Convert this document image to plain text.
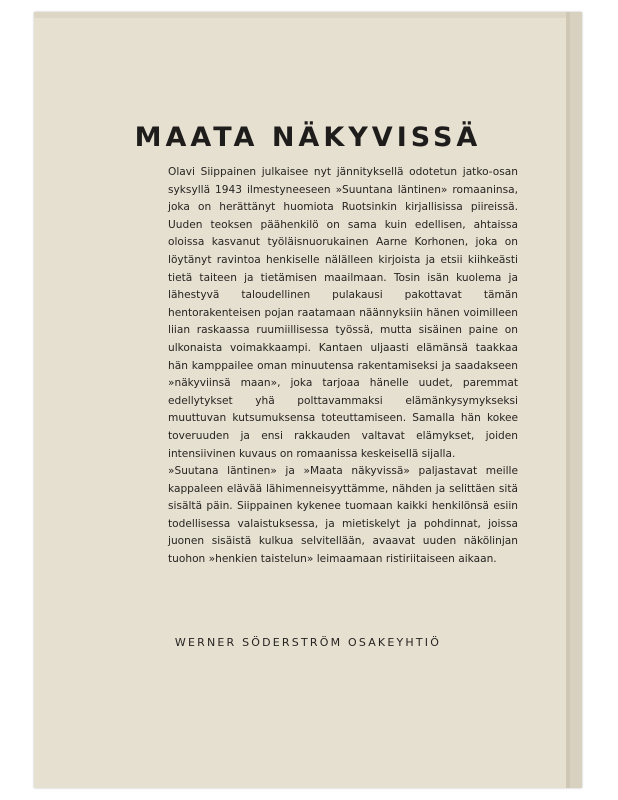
MAATA NÄKYVISSÄ

Olavi Siippainen julkaisee nyt jännityksellä odotetun jatko-osan syksyllä 1943 ilmestyneeseen »Suuntana läntinen» romaaninsa, joka on herättänyt huomiota Ruotsinkin kirjallisissa piireissä. Uuden teoksen päähenkilö on sama kuin edellisen, ahtaissa oloissa kasvanut työläisnuorukainen Aarne Korhonen, joka on löytänyt ravintoa henkiselle nälälleen kirjoista ja etsii kiihkeästi tietä taiteen ja tietämisen maailmaan. Tosin isän kuolema ja lähestyvä taloudellinen pulakausi pakottavat tämän hentorakenteisen pojan raatamaan näännyksiin hänen voimilleen liian raskaassa ruumiillisessa työssä, mutta sisäinen paine on ulkonaista voimakkaampi. Kantaen uljaasti elämänsä taakkaa hän kamppailee oman minuutensa rakentamiseksi ja saadakseen »näkyviinsä maan», joka tarjoaa hänelle uudet, paremmat edellytykset yhä polttavammaksi elämänkysymykseksi muuttuvan kutsumuksensa toteuttamiseen. Samalla hän kokee toveruuden ja ensi rakkauden valtavat elämykset, joiden intensiivinen kuvaus on romaanissa keskeisellä sijalla.

»Suutana läntinen» ja »Maata näkyvissä» paljastavat meille kappaleen elävää lähimenneisyyttämme, nähden ja selittäen sitä sisältä päin. Siippainen kykenee tuomaan kaikki henkilönsä esiin todellisessa valaistuksessa, ja mietiskelyt ja pohdinnat, joissa juonen sisäistä kulkua selvitellään, avaavat uuden näkölinjan tuohon »henkien taistelun» leimaamaan ristiriitaiseen aikaan.

WERNER SÖDERSTRÖM OSAKEYHTIÖ
